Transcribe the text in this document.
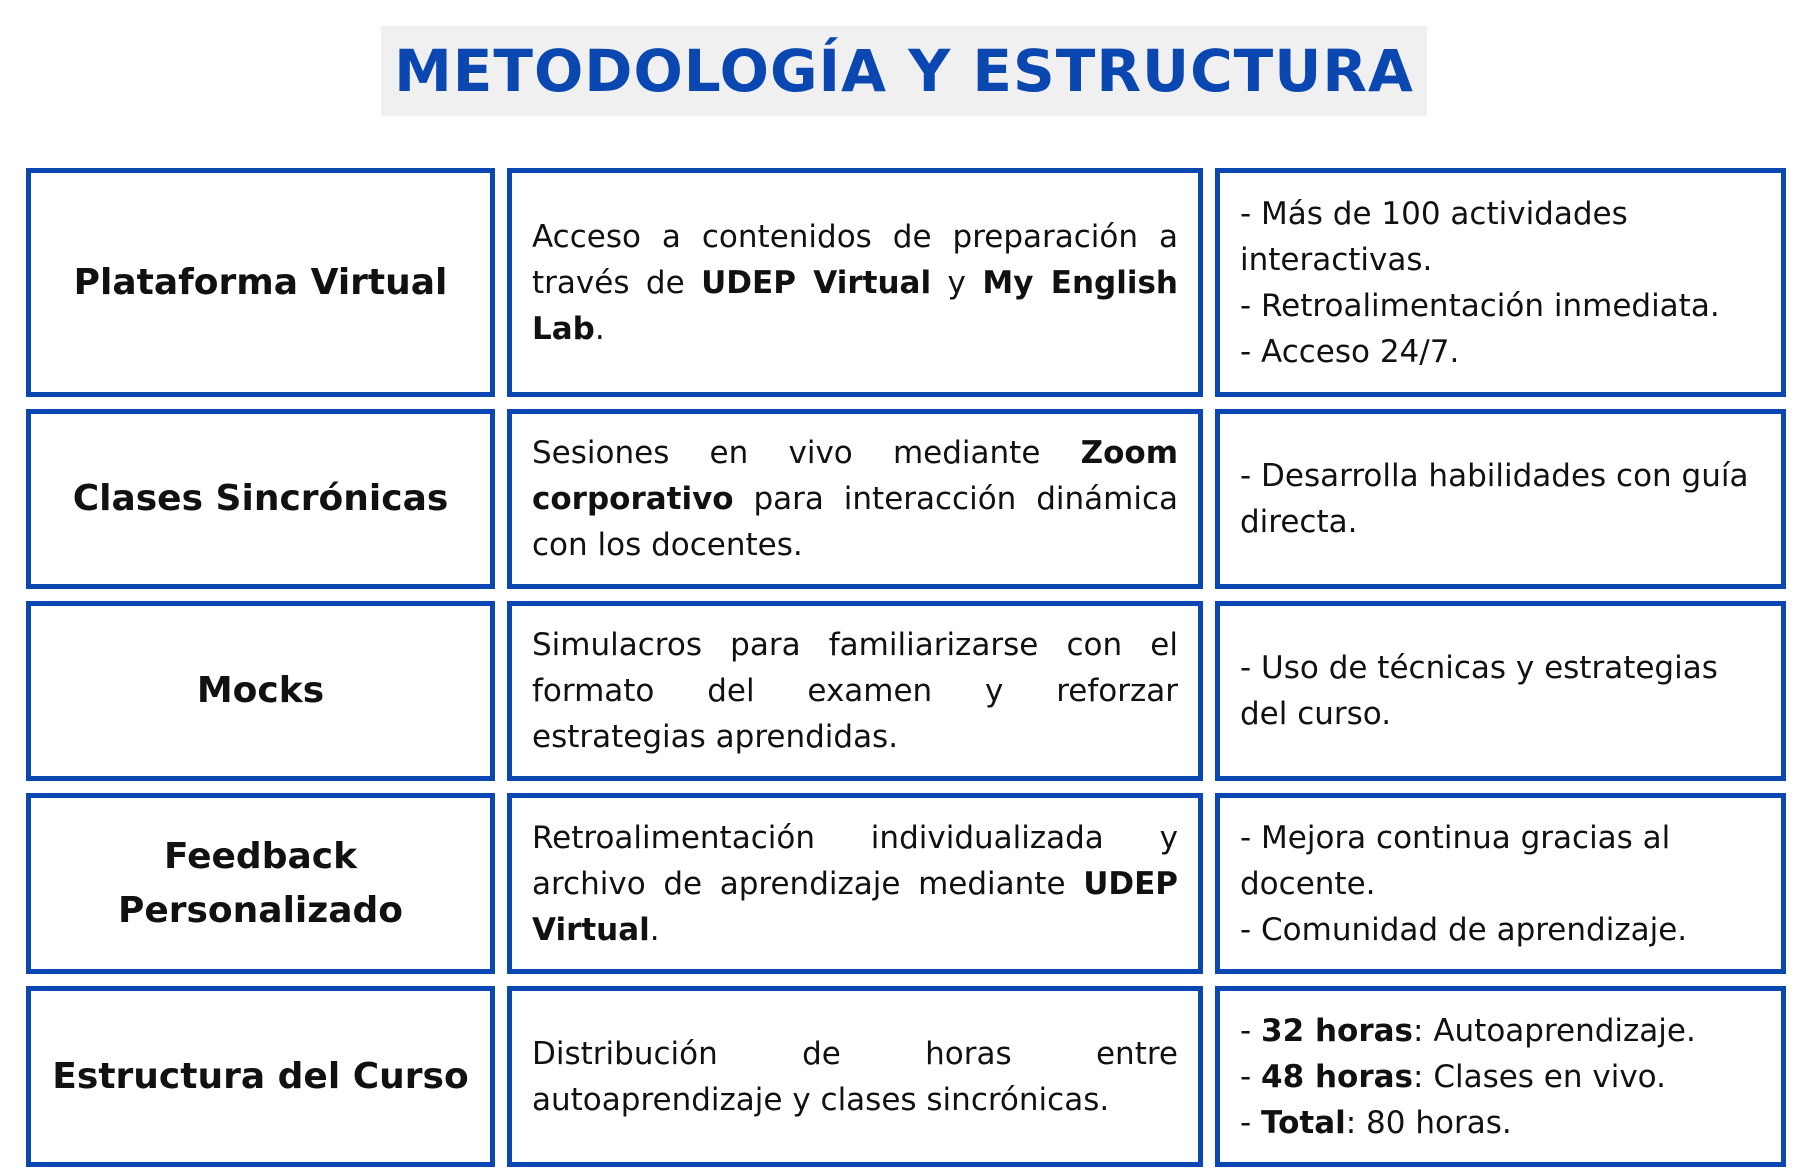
METODOLOGÍA Y ESTRUCTURA
Plataforma Virtual
Acceso a contenidos de preparación a través de UDEP Virtual y My English Lab.
- Más de 100 actividades interactivas.
- Retroalimentación inmediata.
- Acceso 24/7.
Clases Sincrónicas
Sesiones en vivo mediante Zoom corporativo para interacción dinámica con los docentes.
- Desarrolla habilidades con guía directa.
Mocks
Simulacros para familiarizarse con el formato del examen y reforzar estrategias aprendidas.
- Uso de técnicas y estrategias del curso.
Feedback Personalizado
Retroalimentación individualizada y archivo de aprendizaje mediante UDEP Virtual.
- Mejora continua gracias al docente.
- Comunidad de aprendizaje.
Estructura del Curso
Distribución de horas entre autoaprendizaje y clases sincrónicas.
- 32 horas: Autoaprendizaje.
- 48 horas: Clases en vivo.
- Total: 80 horas.
